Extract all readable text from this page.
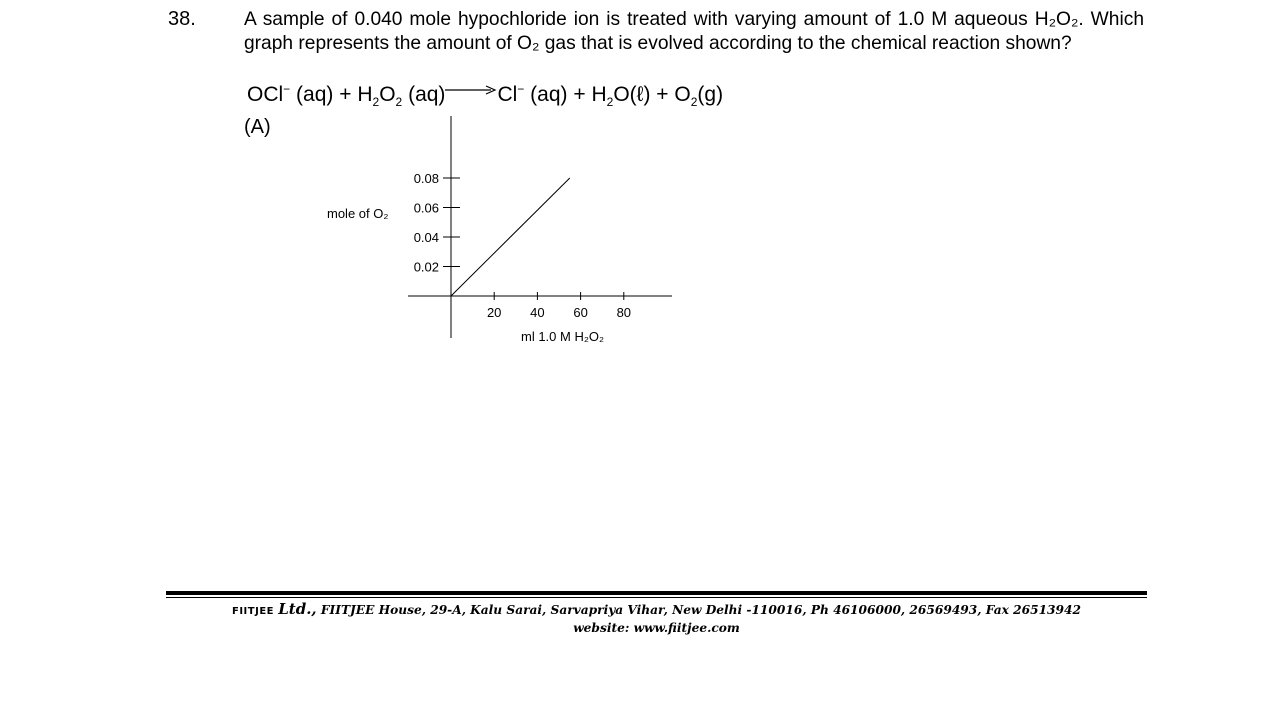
38.	A sample of 0.040 mole hypochloride ion is treated with varying amount of 1.0 M aqueous H₂O₂. Which graph represents the amount of O₂ gas that is evolved according to the chemical reaction shown?
OCl− $(aq) + H_2O_2$ (aq)→Cl− $(aq) + H_2O(\ell) + O_2(g)$
(A)
20 40 60 80
0.02
0.04
0.06
0.08
mole of O₂
ml 1.0 M H₂O₂
FIITJEE Ltd., FIITJEE House, 29-A, Kalu Sarai, Sarvapriya Vihar, New Delhi -110016, Ph 46106000, 26569493, Fax 26513942
website: www.fiitjee.com
